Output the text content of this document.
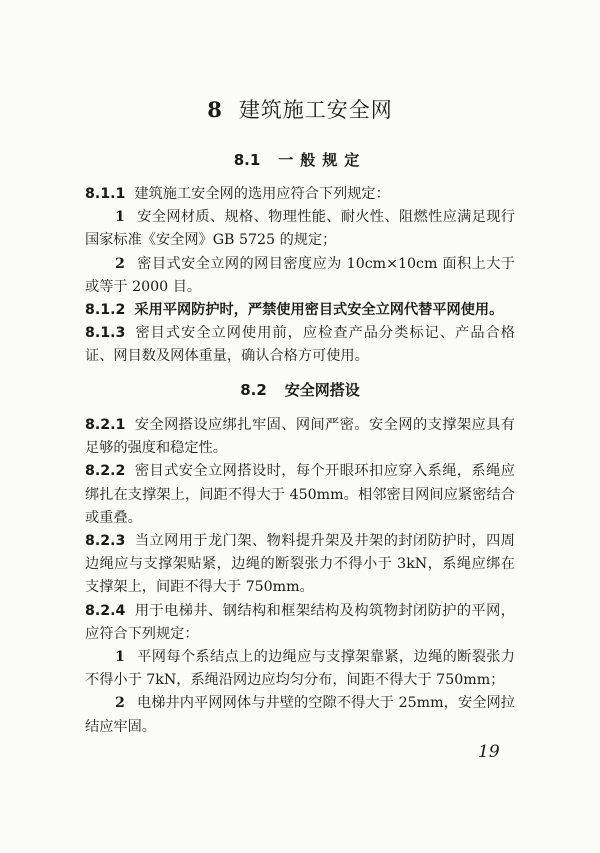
8 建筑施工安全网
8.1 一般规定

8.1.1 建筑施工安全网的选用应符合下列规定：

1 安全网材质、规格、物理性能、耐火性、阻燃性应满足现行国家标准《安全网》GB 5725 的规定；

2 密目式安全立网的网目密度应为 10cm×10cm 面积上大于或等于 2000 目。

8.1.2 采用平网防护时，严禁使用密目式安全立网代替平网使用。

8.1.3 密目式安全立网使用前，应检查产品分类标记、产品合格证、网目数及网体重量，确认合格方可使用。

8.2 安全网搭设

8.2.1 安全网搭设应绑扎牢固、网间严密。安全网的支撑架应具有足够的强度和稳定性。

8.2.2 密目式安全立网搭设时，每个开眼环扣应穿入系绳，系绳应绑扎在支撑架上，间距不得大于 450mm。相邻密目网间应紧密结合或重叠。

8.2.3 当立网用于龙门架、物料提升架及井架的封闭防护时，四周边绳应与支撑架贴紧，边绳的断裂张力不得小于 3kN，系绳应绑在支撑架上，间距不得大于 750mm。

8.2.4 用于电梯井、钢结构和框架结构及构筑物封闭防护的平网，应符合下列规定：

1 平网每个系结点上的边绳应与支撑架靠紧，边绳的断裂张力不得小于 7kN，系绳沿网边应均匀分布，间距不得大于 750mm；

2 电梯井内平网网体与井壁的空隙不得大于 25mm，安全网拉结应牢固。

19
